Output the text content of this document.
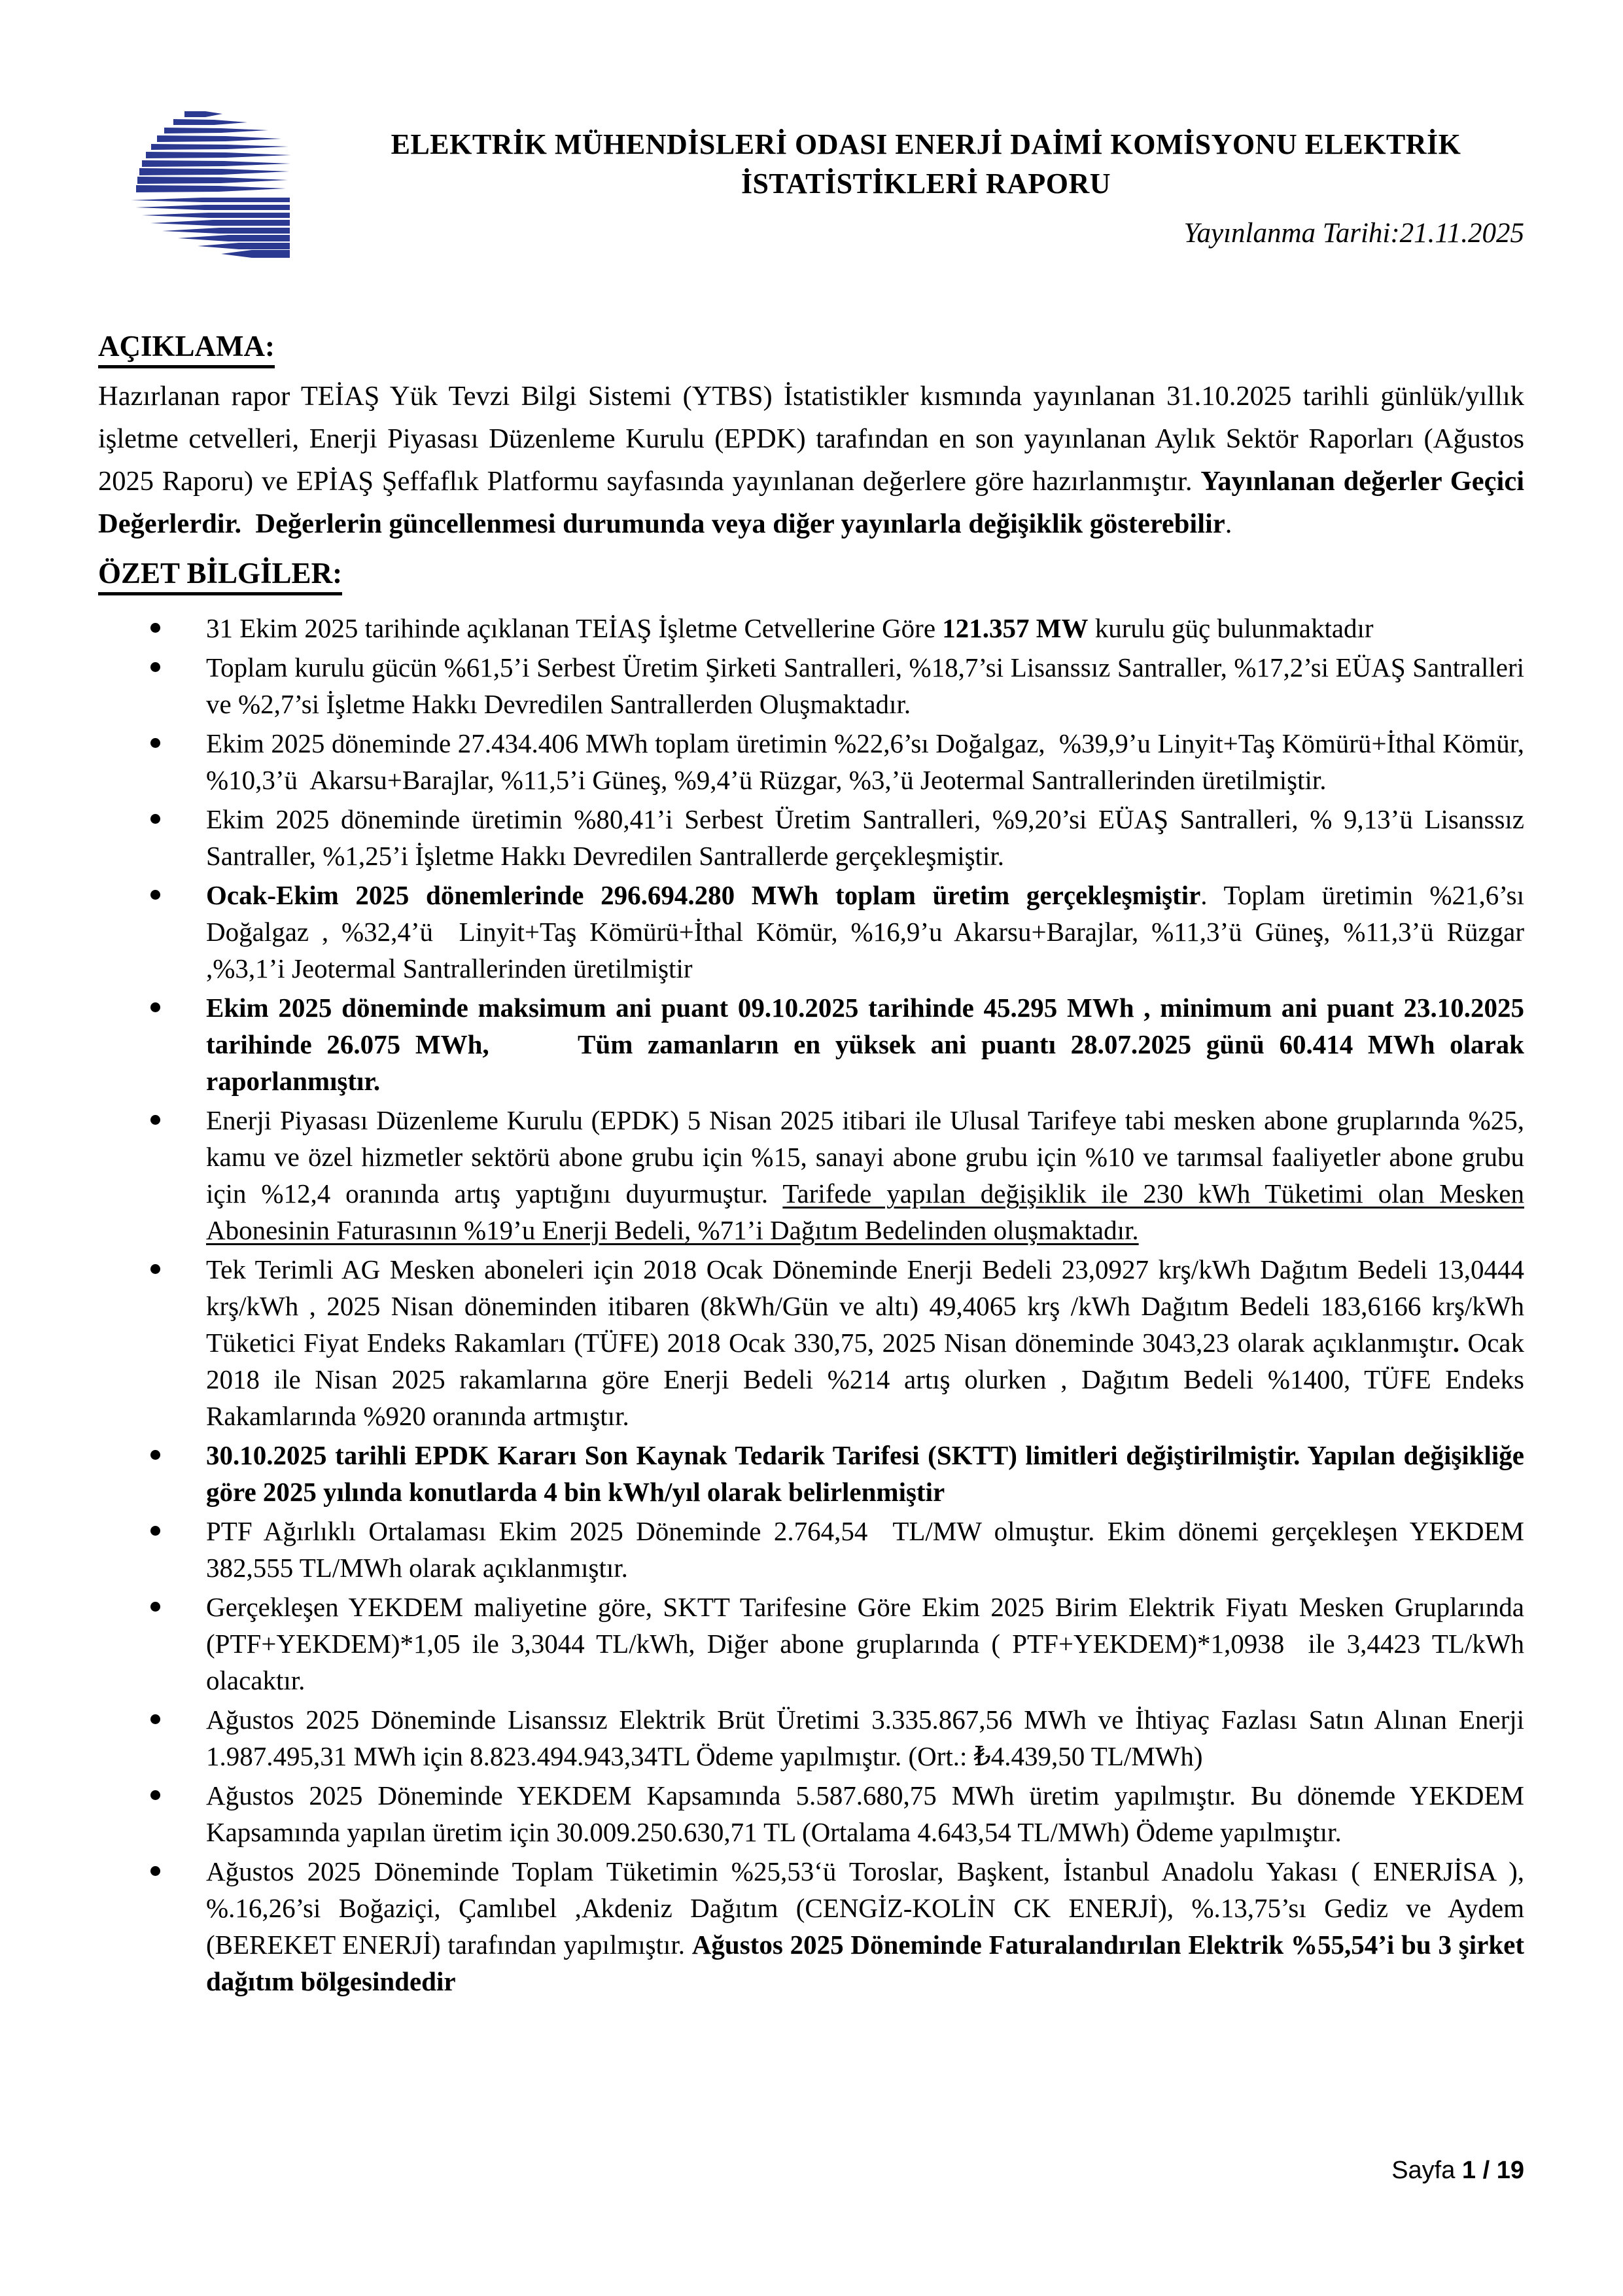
ELEKTRİK MÜHENDİSLERİ ODASI ENERJİ DAİMİ KOMİSYONU ELEKTRİK
İSTATİSTİKLERİ RAPORU
Yayınlanma Tarihi:21.11.2025
AÇIKLAMA:

Hazırlanan rapor TEİAŞ Yük Tevzi Bilgi Sistemi (YTBS) İstatistikler kısmında yayınlanan 31.10.2025 tarihli günlük/yıllık işletme cetvelleri, Enerji Piyasası Düzenleme Kurulu (EPDK) tarafından en son yayınlanan Aylık Sektör Raporları (Ağustos 2025 Raporu) ve EPİAŞ Şeffaflık Platformu sayfasında yayınlanan değerlere göre hazırlanmıştır. Yayınlanan değerler Geçici Değerlerdir.  Değerlerin güncellenmesi durumunda veya diğer yayınlarla değişiklik gösterebilir.

ÖZET BİLGİLER:
31 Ekim 2025 tarihinde açıklanan TEİAŞ İşletme Cetvellerine Göre 121.357 MW kurulu güç bulunmaktadır
Toplam kurulu gücün %61,5’i Serbest Üretim Şirketi Santralleri, %18,7’si Lisanssız Santraller, %17,2’si EÜAŞ Santralleri ve %2,7’si İşletme Hakkı Devredilen Santrallerden Oluşmaktadır.
Ekim 2025 döneminde 27.434.406 MWh toplam üretimin %22,6’sı Doğalgaz,  %39,9’u Linyit+Taş Kömürü+İthal Kömür, %10,3’ü  Akarsu+Barajlar, %11,5’i Güneş, %9,4’ü Rüzgar, %3,’ü Jeotermal Santrallerinden üretilmiştir.
Ekim 2025 döneminde üretimin %80,41’i Serbest Üretim Santralleri, %9,20’si EÜAŞ Santralleri, % 9,13’ü Lisanssız Santraller, %1,25’i İşletme Hakkı Devredilen Santrallerde gerçekleşmiştir.
Ocak-Ekim 2025 dönemlerinde 296.694.280 MWh toplam üretim gerçekleşmiştir. Toplam üretimin %21,6’sı Doğalgaz , %32,4’ü  Linyit+Taş Kömürü+İthal Kömür, %16,9’u Akarsu+Barajlar, %11,3’ü Güneş, %11,3’ü Rüzgar ,%3,1’i Jeotermal Santrallerinden üretilmiştir
Ekim 2025 döneminde maksimum ani puant 09.10.2025 tarihinde 45.295 MWh , minimum ani puant 23.10.2025 tarihinde 26.075 MWh,      Tüm zamanların en yüksek ani puantı 28.07.2025 günü 60.414 MWh olarak raporlanmıştır.
Enerji Piyasası Düzenleme Kurulu (EPDK) 5 Nisan 2025 itibari ile Ulusal Tarifeye tabi mesken abone gruplarında %25, kamu ve özel hizmetler sektörü abone grubu için %15, sanayi abone grubu için %10 ve tarımsal faaliyetler abone grubu için %12,4 oranında artış yaptığını duyurmuştur. Tarifede yapılan değişiklik ile 230 kWh Tüketimi olan Mesken Abonesinin Faturasının %19’u Enerji Bedeli, %71’i Dağıtım Bedelinden oluşmaktadır.
Tek Terimli AG Mesken aboneleri için 2018 Ocak Döneminde Enerji Bedeli 23,0927 krş/kWh Dağıtım Bedeli 13,0444 krş/kWh , 2025 Nisan döneminden itibaren (8kWh/Gün ve altı) 49,4065 krş /kWh Dağıtım Bedeli 183,6166 krş/kWh Tüketici Fiyat Endeks Rakamları (TÜFE) 2018 Ocak 330,75, 2025 Nisan döneminde 3043,23 olarak açıklanmıştır. Ocak 2018 ile Nisan 2025 rakamlarına göre Enerji Bedeli %214 artış olurken , Dağıtım Bedeli %1400, TÜFE Endeks Rakamlarında %920 oranında artmıştır.
30.10.2025 tarihli EPDK Kararı Son Kaynak Tedarik Tarifesi (SKTT) limitleri değiştirilmiştir. Yapılan değişikliğe göre 2025 yılında konutlarda 4 bin kWh/yıl olarak belirlenmiştir
PTF Ağırlıklı Ortalaması Ekim 2025 Döneminde 2.764,54  TL/MW olmuştur. Ekim dönemi gerçekleşen YEKDEM 382,555 TL/MWh olarak açıklanmıştır.
Gerçekleşen YEKDEM maliyetine göre, SKTT Tarifesine Göre Ekim 2025 Birim Elektrik Fiyatı Mesken Gruplarında (PTF+YEKDEM)*1,05 ile 3,3044 TL/kWh, Diğer abone gruplarında ( PTF+YEKDEM)*1,0938  ile 3,4423 TL/kWh olacaktır.
Ağustos 2025 Döneminde Lisanssız Elektrik Brüt Üretimi 3.335.867,56 MWh ve İhtiyaç Fazlası Satın Alınan Enerji 1.987.495,31 MWh için 8.823.494.943,34TL Ödeme yapılmıştır. (Ort.: ₺4.439,50 TL/MWh)
Ağustos 2025 Döneminde YEKDEM Kapsamında 5.587.680,75 MWh üretim yapılmıştır. Bu dönemde YEKDEM Kapsamında yapılan üretim için 30.009.250.630,71 TL (Ortalama 4.643,54 TL/MWh) Ödeme yapılmıştır.
Ağustos 2025 Döneminde Toplam Tüketimin %25,53‘ü Toroslar, Başkent, İstanbul Anadolu Yakası ( ENERJİSA ), %.16,26’si Boğaziçi, Çamlıbel ,Akdeniz Dağıtım (CENGİZ-KOLİN CK ENERJİ), %.13,75’sı Gediz ve Aydem (BEREKET ENERJİ) tarafından yapılmıştır. Ağustos 2025 Döneminde Faturalandırılan Elektrik %55,54’i bu 3 şirket dağıtım bölgesindedir
Sayfa 1 / 19
